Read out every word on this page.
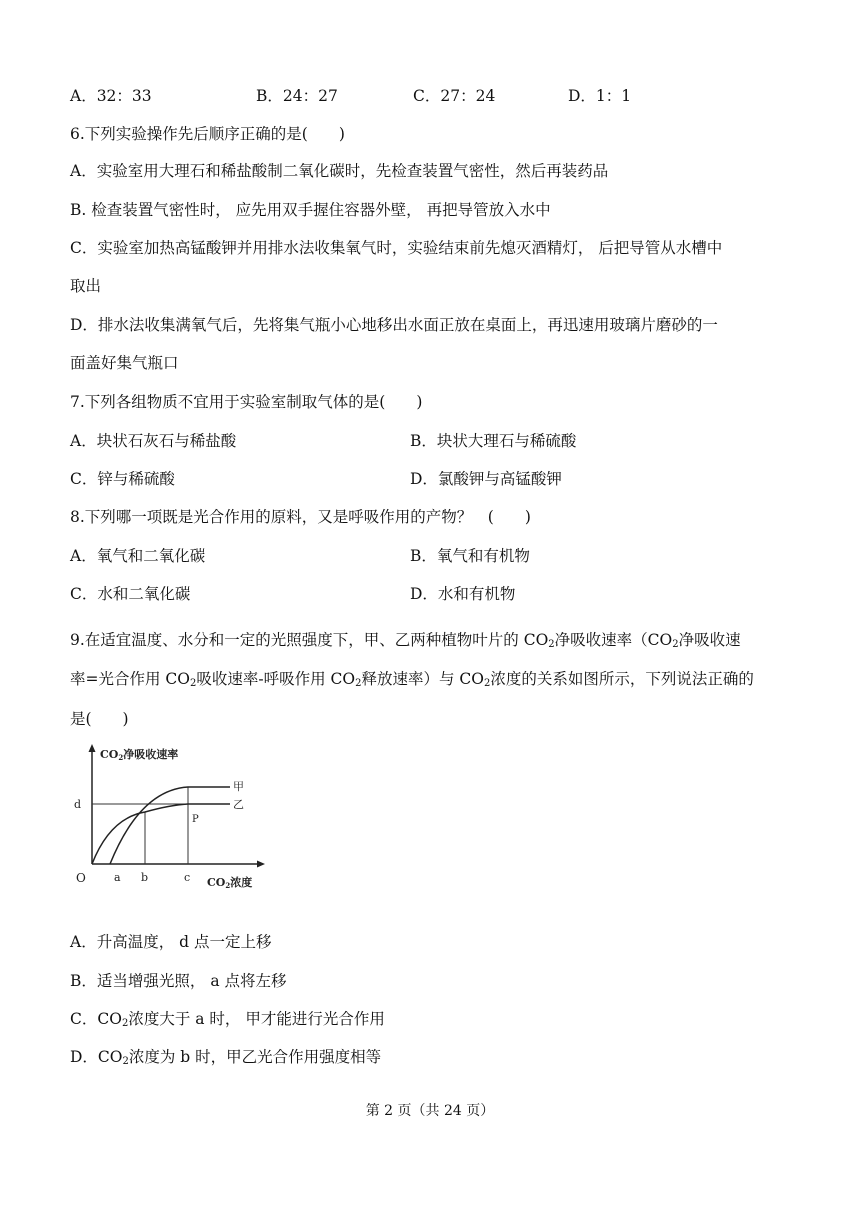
A．32：33	B．24：27	C．27：24	D．1：1
6.下列实验操作先后顺序正确的是(　　)
A．实验室用大理石和稀盐酸制二氧化碳时，先检查装置气密性，然后再装药品
B. 检查装置气密性时， 应先用双手握住容器外壁， 再把导管放入水中
C．实验室加热高锰酸钾并用排水法收集氧气时，实验结束前先熄灭酒精灯， 后把导管从水槽中
取出
D．排水法收集满氧气后，先将集气瓶小心地移出水面正放在桌面上，再迅速用玻璃片磨砂的一
面盖好集气瓶口
7.下列各组物质不宜用于实验室制取气体的是(　　)
A．块状石灰石与稀盐酸	B．块状大理石与稀硫酸
C．锌与稀硫酸	D．氯酸钾与高锰酸钾
8.下列哪一项既是光合作用的原料，又是呼吸作用的产物？　(　　)
A．氧气和二氧化碳	B．氧气和有机物
C．水和二氧化碳	D．水和有机物
9.在适宜温度、水分和一定的光照强度下，甲、乙两种植物叶片的 $CO_2$净吸收速率（$CO_2$净吸收速
率=光合作用 $CO_2$吸收速率-呼吸作用 $CO_2$释放速率）与 $CO_2$浓度的关系如图所示，下列说法正确的
是(　　)
CO2净吸收速率
CO2浓度
d
O	a b	c
P
甲
乙
A．升高温度， d 点一定上移
B．适当增强光照， a 点将左移
C．$CO_2$浓度大于 a 时， 甲才能进行光合作用
D．$CO_2$浓度为 b 时，甲乙光合作用强度相等
第 2 页（共 24 页）
